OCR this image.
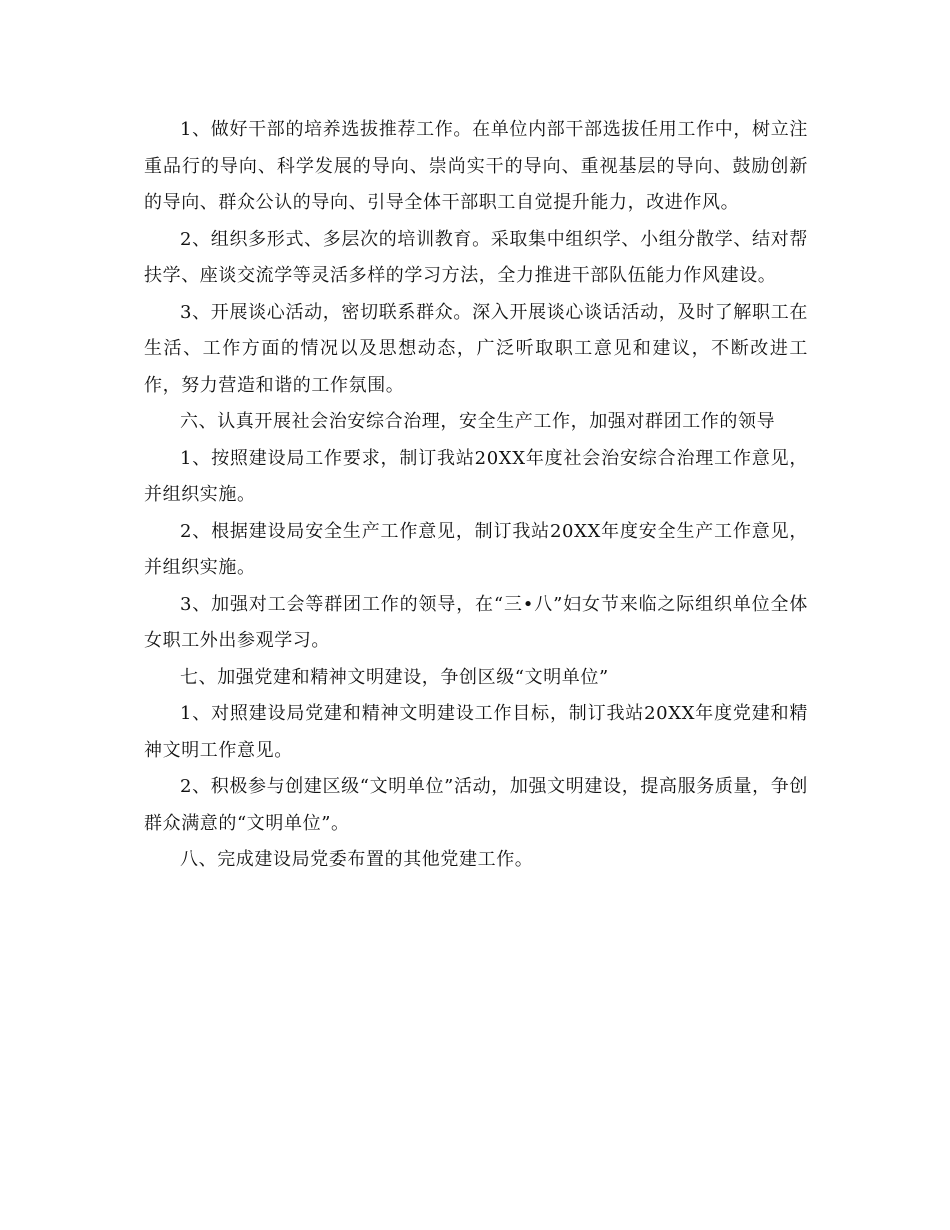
1、做好干部的培养选拔推荐工作。在单位内部干部选拔任用工作中，树立注重品行的导向、科学发展的导向、崇尚实干的导向、重视基层的导向、鼓励创新的导向、群众公认的导向、引导全体干部职工自觉提升能力，改进作风。

2、组织多形式、多层次的培训教育。采取集中组织学、小组分散学、结对帮扶学、座谈交流学等灵活多样的学习方法，全力推进干部队伍能力作风建设。

3、开展谈心活动，密切联系群众。深入开展谈心谈话活动，及时了解职工在生活、工作方面的情况以及思想动态，广泛听取职工意见和建议，不断改进工作，努力营造和谐的工作氛围。

六、认真开展社会治安综合治理，安全生产工作，加强对群团工作的领导

1、按照建设局工作要求，制订我站20XX年度社会治安综合治理工作意见，并组织实施。

2、根据建设局安全生产工作意见，制订我站20XX年度安全生产工作意见，并组织实施。

3、加强对工会等群团工作的领导，在“三•八”妇女节来临之际组织单位全体女职工外出参观学习。

七、加强党建和精神文明建设，争创区级“文明单位”

1、对照建设局党建和精神文明建设工作目标，制订我站20XX年度党建和精神文明工作意见。

2、积极参与创建区级“文明单位”活动，加强文明建设，提高服务质量，争创群众满意的“文明单位”。

八、完成建设局党委布置的其他党建工作。
